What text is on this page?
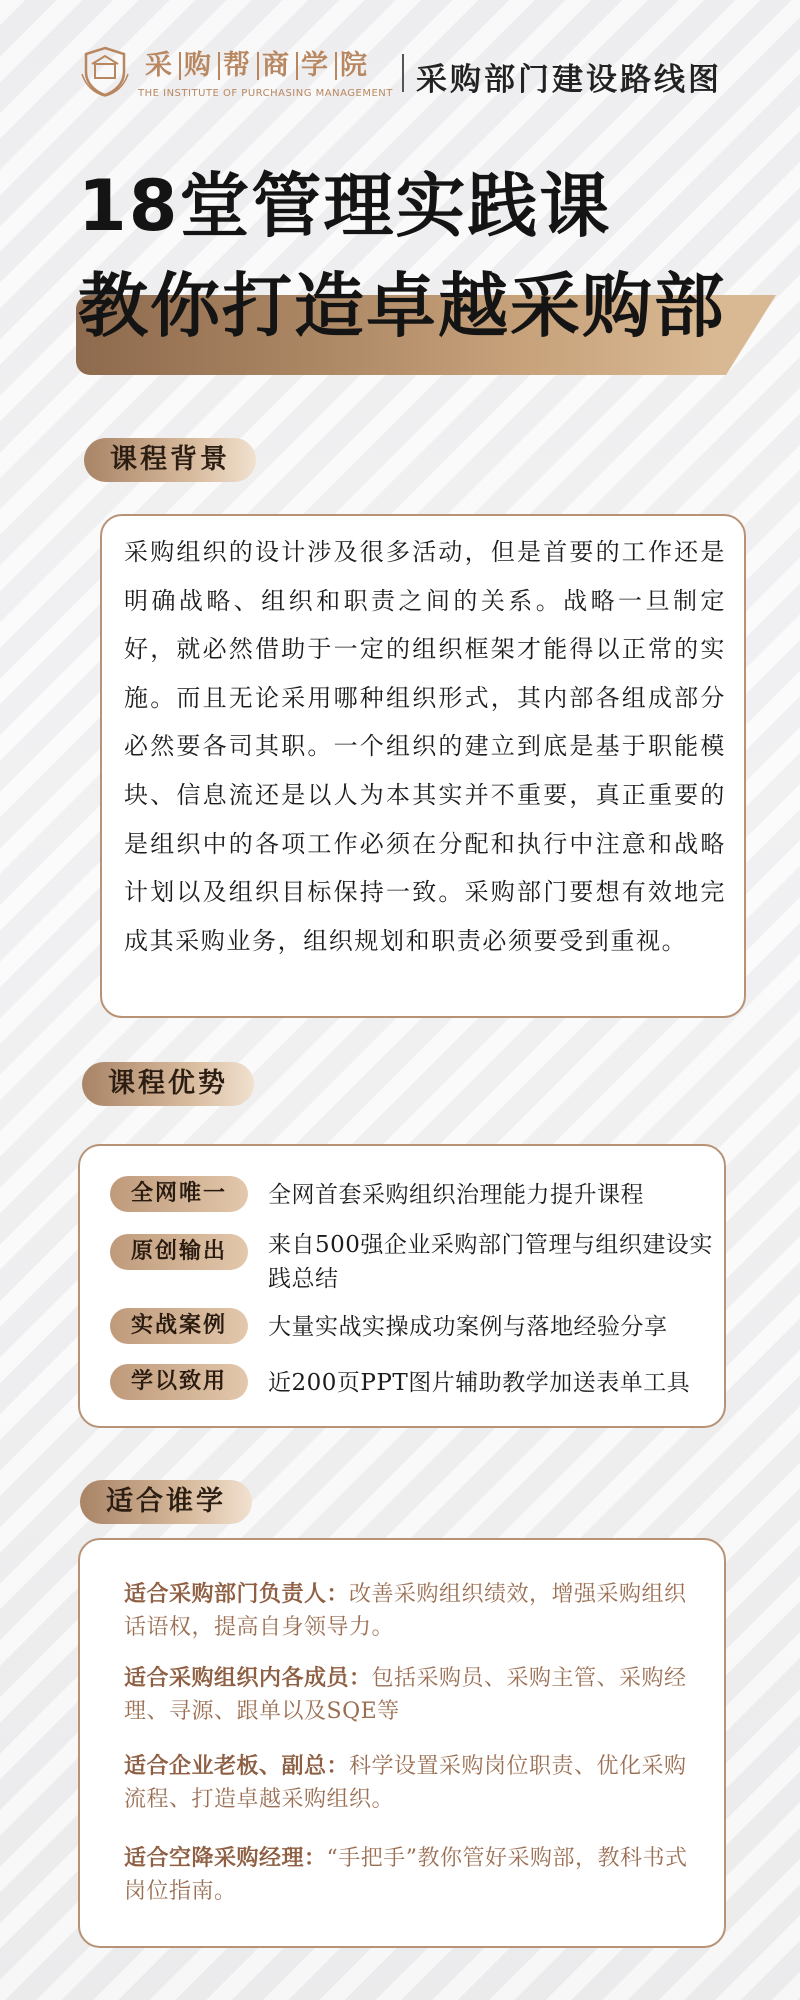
采 购 帮 商 学 院
THE INSTITUTE OF PURCHASING MANAGEMENT 采购部门建设路线图
18堂管理实践课
教你打造卓越采购部
课程背景
采购组织的设计涉及很多活动，但是首要的工作还是明确战略、组织和职责之间的关系。战略一旦制定好，就必然借助于一定的组织框架才能得以正常的实施。而且无论采用哪种组织形式，其内部各组成部分必然要各司其职。一个组织的建立到底是基于职能模块、信息流还是以人为本其实并不重要，真正重要的是组织中的各项工作必须在分配和执行中注意和战略计划以及组织目标保持一致。采购部门要想有效地完成其采购业务，组织规划和职责必须要受到重视。
课程优势
全网唯一	全网首套采购组织治理能力提升课程
原创输出	来自500强企业采购部门管理与组织建设实践总结
实战案例	大量实战实操成功案例与落地经验分享
学以致用	近200页PPT图片辅助教学加送表单工具
适合谁学
适合采购部门负责人：改善采购组织绩效，增强采购组织话语权，提高自身领导力。
适合采购组织内各成员：包括采购员、采购主管、采购经理、寻源、跟单以及SQE等
适合企业老板、副总：科学设置采购岗位职责、优化采购流程、打造卓越采购组织。
适合空降采购经理：“手把手”教你管好采购部，教科书式岗位指南。
